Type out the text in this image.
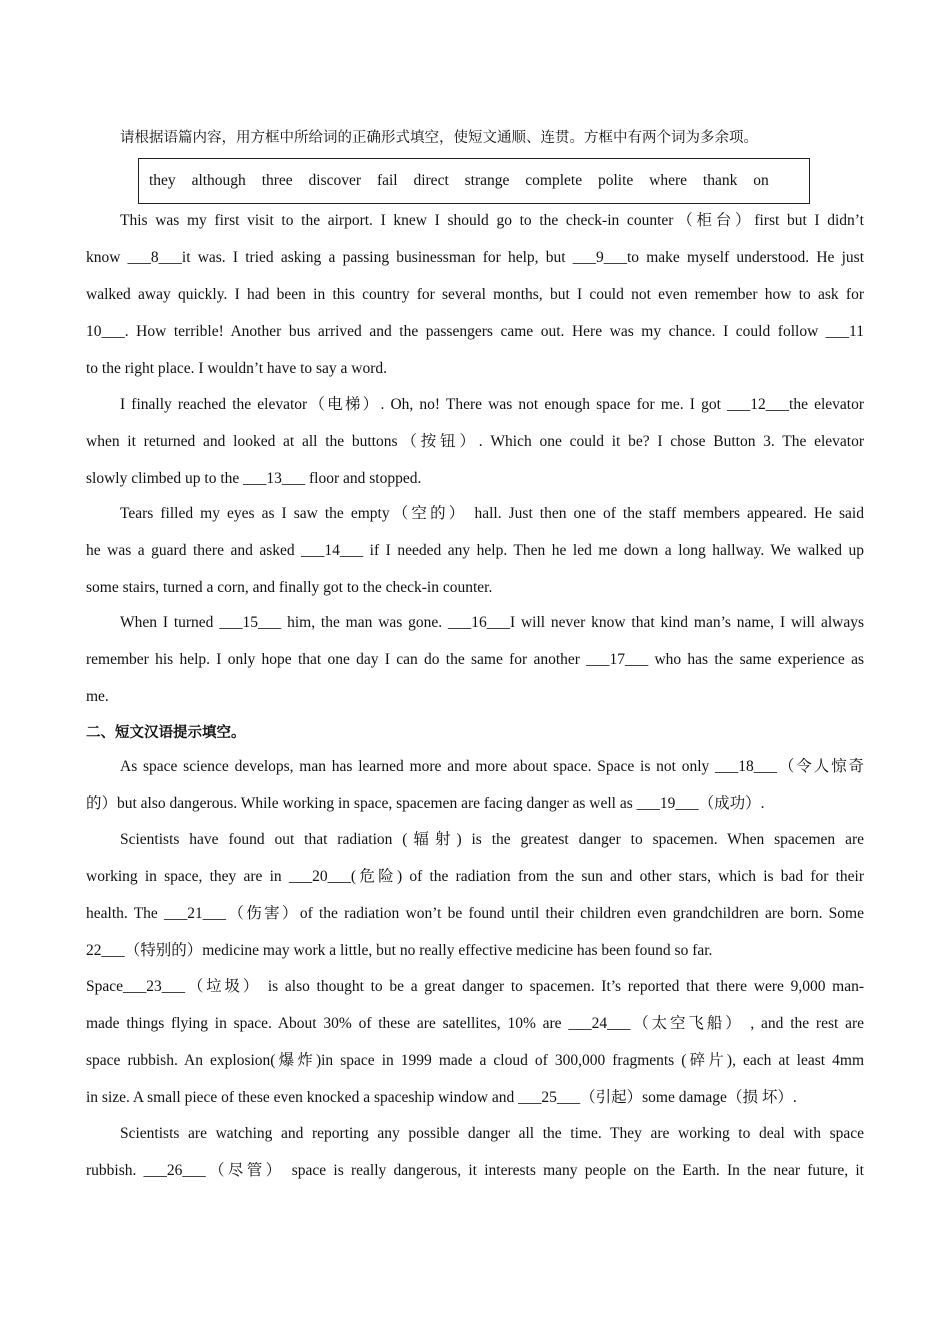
请根据语篇内容，用方框中所给词的正确形式填空，使短文通顺、连贯。方框中有两个词为多余项。
they although three discover fail direct strange complete polite where thank on
This was my first visit to the airport. I knew I should go to the check-in counter（柜台）first but I didn’t
know ___8___it was. I tried asking a passing businessman for help, but ___9___to make myself understood. He just
walked away quickly. I had been in this country for several months, but I could not even remember how to ask for
10___. How terrible! Another bus arrived and the passengers came out. Here was my chance. I could follow ___11
to the right place. I wouldn’t have to say a word.
I finally reached the elevator（电梯）. Oh, no! There was not enough space for me. I got ___12___the elevator
when it returned and looked at all the buttons（按钮）. Which one could it be? I chose Button 3. The elevator
slowly climbed up to the ___13___ floor and stopped.
Tears filled my eyes as I saw the empty（空的） hall. Just then one of the staff members appeared. He said
he was a guard there and asked ___14___ if I needed any help. Then he led me down a long hallway. We walked up
some stairs, turned a corn, and finally got to the check-in counter.
When I turned ___15___ him, the man was gone. ___16___I will never know that kind man’s name, I will always
remember his help. I only hope that one day I can do the same for another ___17___ who has the same experience as
me.
二、短文汉语提示填空。
As space science develops, man has learned more and more about space. Space is not only ___18___（令人惊奇
的）but also dangerous. While working in space, spacemen are facing danger as well as ___19___（成功）.
Scientists have found out that radiation (辐射) is the greatest danger to spacemen. When spacemen are
working in space, they are in ___20___(危险) of the radiation from the sun and other stars, which is bad for their
health. The ___21___（伤害）of the radiation won’t be found until their children even grandchildren are born. Some
22___（特别的）medicine may work a little, but no really effective medicine has been found so far.
Space___23___（垃圾） is also thought to be a great danger to spacemen. It’s reported that there were 9,000 man-
made things flying in space. About 30% of these are satellites, 10% are ___24___（太空飞船） , and the rest are
space rubbish. An explosion(爆炸)in space in 1999 made a cloud of 300,000 fragments (碎片), each at least 4mm
in size. A small piece of these even knocked a spaceship window and ___25___（引起）some damage（损 坏）.
Scientists are watching and reporting any possible danger all the time. They are working to deal with space
rubbish. ___26___（尽管） space is really dangerous, it interests many people on the Earth. In the near future, it
